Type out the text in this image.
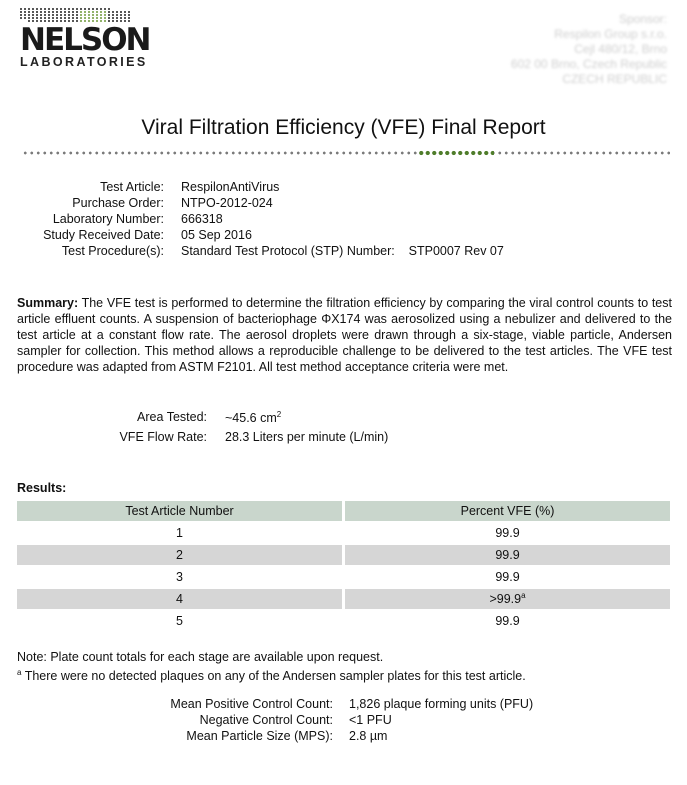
NELSON
LABORATORIES
Sponsor:
Respilon Group s.r.o.
Cejl 480/12, Brno
602 00 Brno, Czech Republic
CZECH REPUBLIC
Viral Filtration Efficiency (VFE) Final Report
Test Article: RespilonAntiVirus
Purchase Order: NTPO-2012-024
Laboratory Number: 666318
Study Received Date: 05 Sep 2016
Test Procedure(s): Standard Test Protocol (STP) Number:    STP0007 Rev 07
Summary: The VFE test is performed to determine the filtration efficiency by comparing the viral control counts to test article effluent counts. A suspension of bacteriophage ΦX174 was aerosolized using a nebulizer and delivered to the test article at a constant flow rate. The aerosol droplets were drawn through a six-stage, viable particle, Andersen sampler for collection. This method allows a reproducible challenge to be delivered to the test articles. The VFE test procedure was adapted from ASTM F2101. All test method acceptance criteria were met.
Area Tested: ~45.6 $cm^2$
VFE Flow Rate: 28.3 Liters per minute (L/min)
Results:
Test Article Number	Percent VFE (%)
1	99.9
2	99.9
3	99.9
4	>99.9$^a$
5	99.9
Note: Plate count totals for each stage are available upon request.
$^a$ There were no detected plaques on any of the Andersen sampler plates for this test article.
Mean Positive Control Count: 1,826 plaque forming units (PFU)
Negative Control Count: <1 PFU
Mean Particle Size (MPS): 2.8 µm
